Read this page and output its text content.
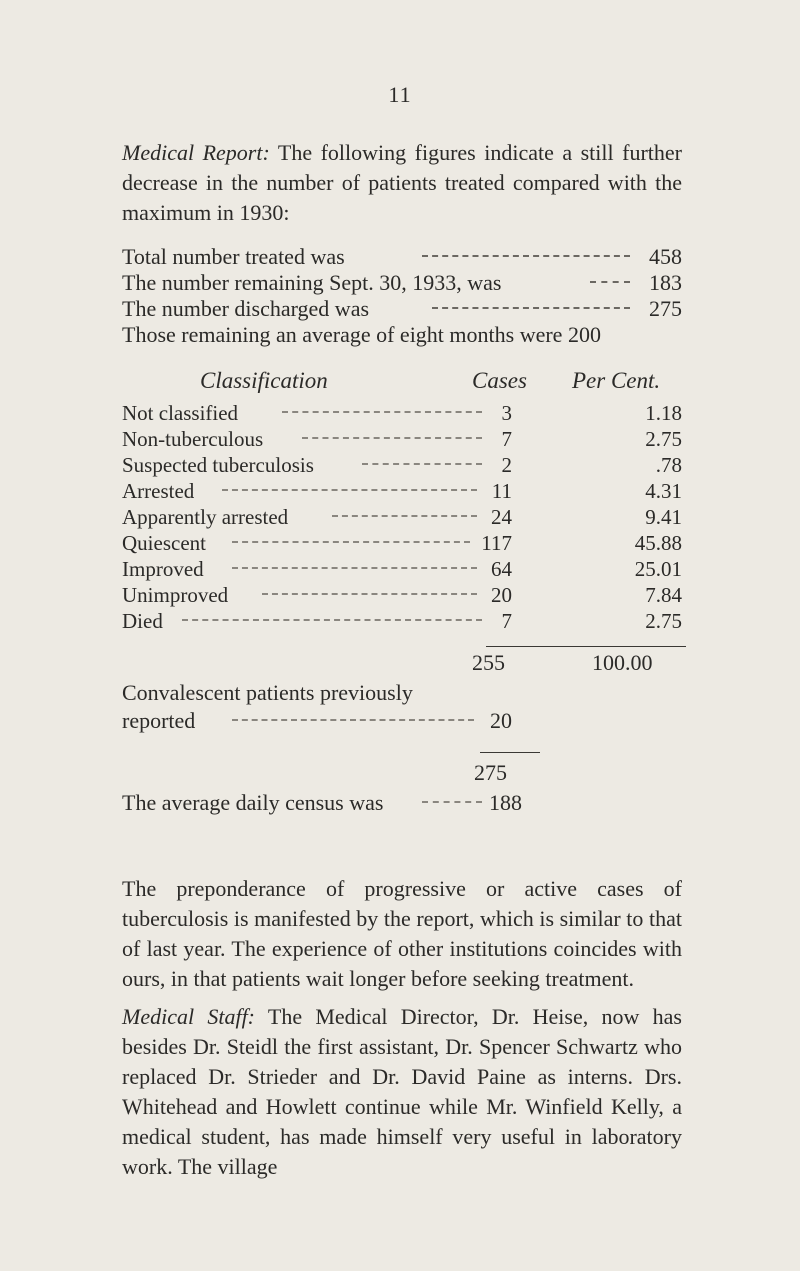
11

Medical Report: The following figures indicate a still further decrease in the number of patients treated compared with the maximum in 1930:

Total number treated was	458
The number remaining Sept. 30, 1933, was	183
The number discharged was	275
Those remaining an average of eight months were 200
Classification	Cases Per Cent.
Not classified	3	1.18
Non-tuberculous	7	2.75
Suspected tuberculosis	2	.78
Arrested	11	4.31
Apparently arrested	24	9.41
Quiescent	117	45.88
Improved	64	25.01
Unimproved	20	7.84
Died	7	2.75
255	100.00
Convalescent patients previously
reported	20
275
The average daily census was	188

The preponderance of progressive or active cases of tuberculosis is manifested by the report, which is similar to that of last year. The experience of other institutions coincides with ours, in that patients wait longer before seeking treatment.

Medical Staff: The Medical Director, Dr. Heise, now has besides Dr. Steidl the first assistant, Dr. Spencer Schwartz who replaced Dr. Strieder and Dr. David Paine as interns. Drs. Whitehead and Howlett continue while Mr. Winfield Kelly, a medical student, has made himself very useful in laboratory work. The village
